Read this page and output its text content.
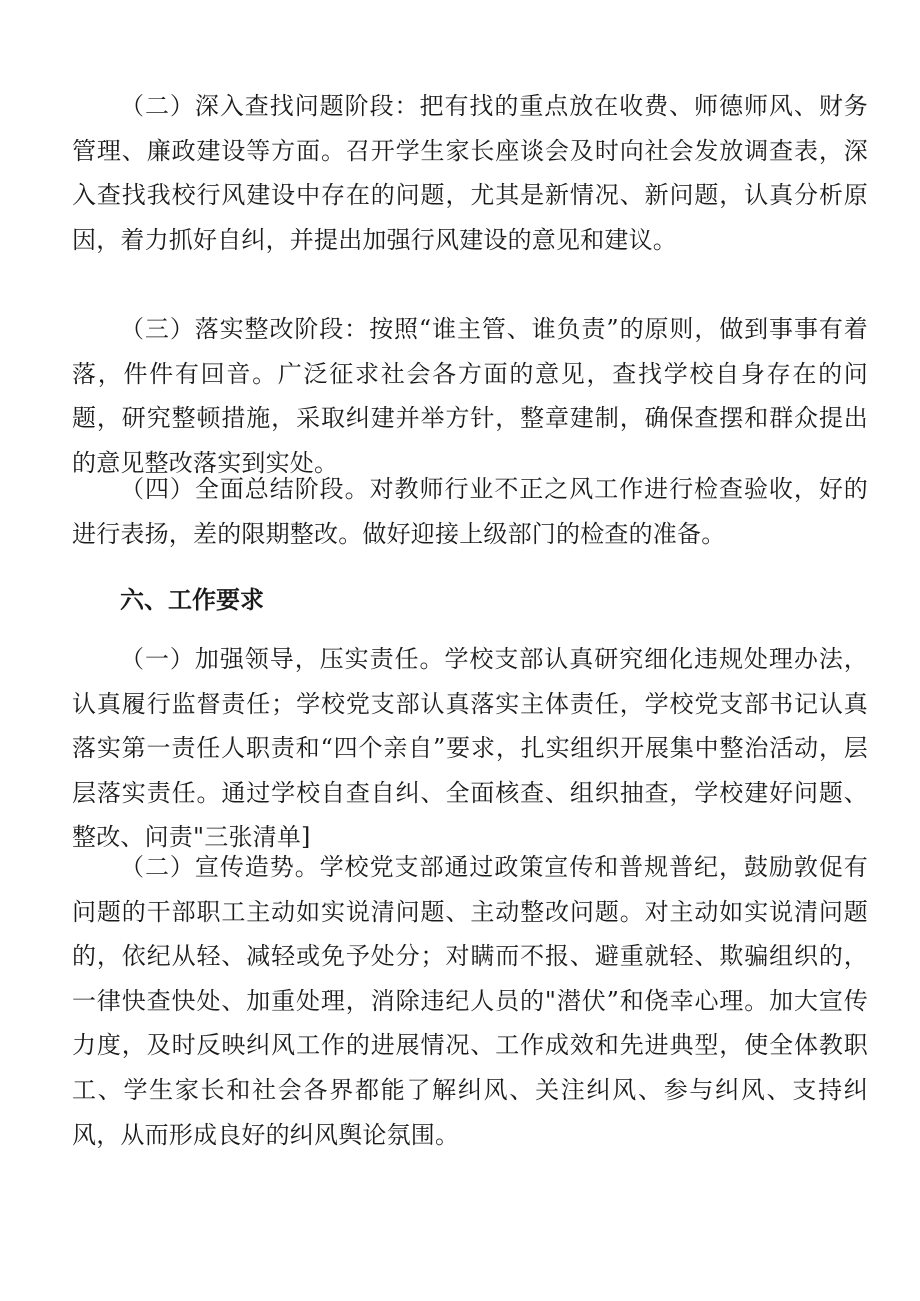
（二）深入查找问题阶段：把有找的重点放在收费、师德师风、财务管理、廉政建设等方面。召开学生家长座谈会及时向社会发放调查表，深入查找我校行风建设中存在的问题，尤其是新情况、新问题，认真分析原因，着力抓好自纠，并提出加强行风建设的意见和建议。

（三）落实整改阶段：按照“谁主管、谁负责”的原则，做到事事有着落，件件有回音。广泛征求社会各方面的意见，查找学校自身存在的问题，研究整顿措施，采取纠建并举方针，整章建制，确保查摆和群众提出的意见整改落实到实处。

（四）全面总结阶段。对教师行业不正之风工作进行检查验收，好的进行表扬，差的限期整改。做好迎接上级部门的检查的准备。

六、工作要求

（一）加强领导，压实责任。学校支部认真研究细化违规处理办法，认真履行监督责任；学校党支部认真落实主体责任，学校党支部书记认真落实第一责任人职责和“四个亲自”要求，扎实组织开展集中整治活动，层层落实责任。通过学校自查自纠、全面核查、组织抽查，学校建好问题、整改、问责"三张清单]

（二）宣传造势。学校党支部通过政策宣传和普规普纪，鼓励敦促有问题的干部职工主动如实说清问题、主动整改问题。对主动如实说清问题的，依纪从轻、减轻或免予处分；对瞒而不报、避重就轻、欺骗组织的，一律快查快处、加重处理，消除违纪人员的"潜伏”和侥幸心理。加大宣传力度，及时反映纠风工作的进展情况、工作成效和先进典型，使全体教职工、学生家长和社会各界都能了解纠风、关注纠风、参与纠风、支持纠风，从而形成良好的纠风舆论氛围。
